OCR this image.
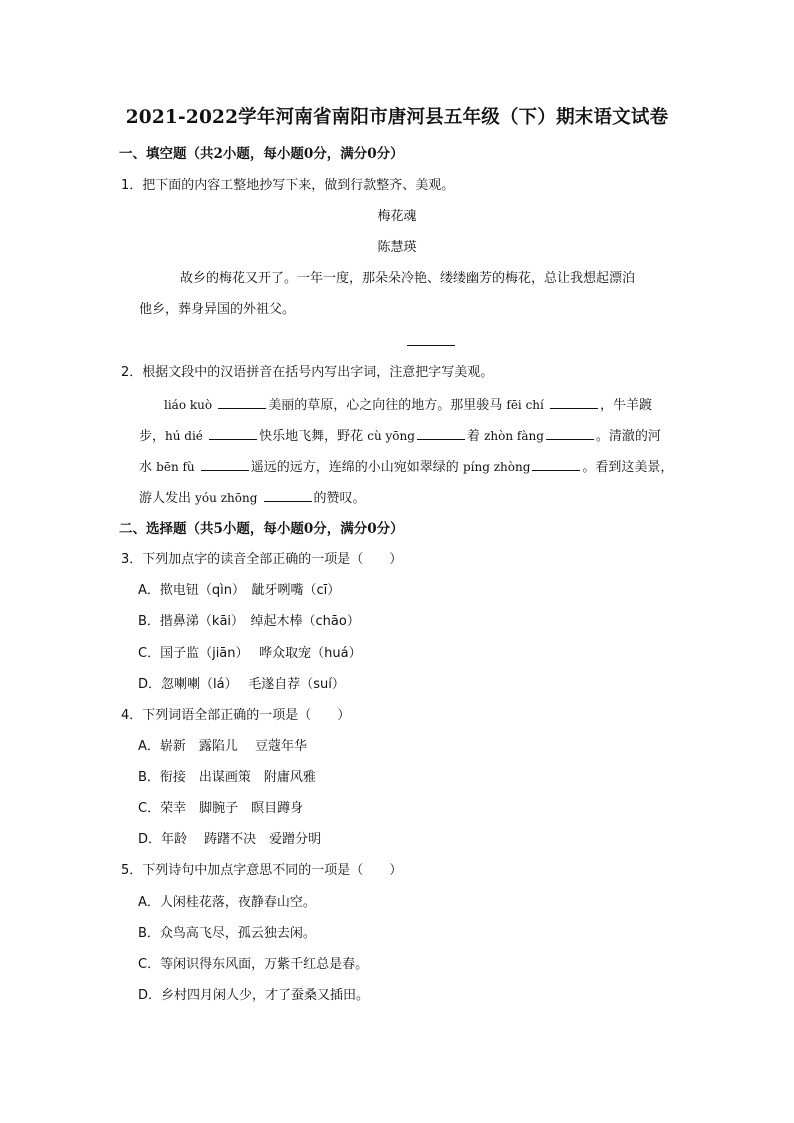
2021-2022学年河南省南阳市唐河县五年级（下）期末语文试卷
一、填空题（共2小题，每小题0分，满分0分）
1．把下面的内容工整地抄写下来，做到行款整齐、美观。
梅花魂
陈慧瑛
故乡的梅花又开了。一年一度，那朵朵冷艳、缕缕幽芳的梅花，总让我想起漂泊
他乡，葬身异国的外祖父。
2．根据文段中的汉语拼音在括号内写出字词，注意把字写美观。
liáo kuò	美丽的草原，心之向往的地方。那里骏马 fēi chí	，牛羊踱
步，hú dié	快乐地飞舞，野花 cù yōng	着 zhòn fàng	。清澈的河
水 bēn fù	遥远的远方，连绵的小山宛如翠绿的 píng zhòng	。看到这美景，
游人发出 yóu zhōng	的赞叹。
二、选择题（共5小题，每小题0分，满分0分）
3．下列加点字的读音全部正确的一项是（　　）
A．揿电钮（qìn）　龇牙咧嘴（cī）
B．揩鼻涕（kāi）　绰起木棒（chāo）
C．国子监（jiān）　 哗众取宠（huá）
D．忽喇喇（lá）　 毛遂自荐（suí）
4．下列词语全部正确的一项是（　　）
A．崭新　露陷儿　 豆蔻年华
B．衔接　出谋画策　附庸风雅
C．荣幸　脚腕子　瞑目蹲身
D．年龄　 踌躇不决　爱蹭分明
5．下列诗句中加点字意思不同的一项是（　　）
A．人闲桂花落，夜静春山空。
B．众鸟高飞尽，孤云独去闲。
C．等闲识得东风面，万紫千红总是春。
D．乡村四月闲人少，才了蚕桑又插田。
